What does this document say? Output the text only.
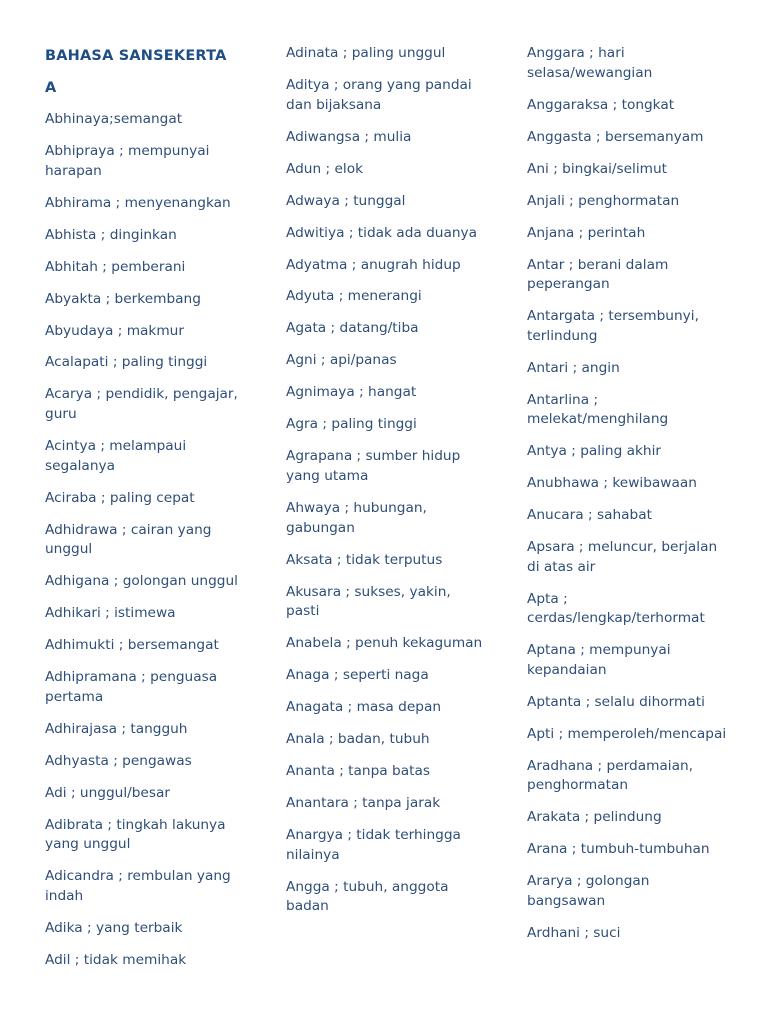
BAHASA SANSEKERTA
A
Abhinaya;semangat
Abhipraya ; mempunyai harapan
Abhirama ; menyenangkan
Abhista ; dinginkan
Abhitah ; pemberani
Abyakta ; berkembang
Abyudaya ; makmur
Acalapati ; paling tinggi
Acarya ; pendidik, pengajar, guru
Acintya ; melampaui segalanya
Aciraba ; paling cepat
Adhidrawa ; cairan yang unggul
Adhigana ; golongan unggul
Adhikari ; istimewa
Adhimukti ; bersemangat
Adhipramana ; penguasa pertama
Adhirajasa ; tangguh
Adhyasta ; pengawas
Adi ; unggul/besar
Adibrata ; tingkah lakunya yang unggul
Adicandra ; rembulan yang indah
Adika ; yang terbaik
Adil ; tidak memihak
Adinata ; paling unggul
Aditya ; orang yang pandai dan bijaksana
Adiwangsa ; mulia
Adun ; elok
Adwaya ; tunggal
Adwitiya ; tidak ada duanya
Adyatma ; anugrah hidup
Adyuta ; menerangi
Agata ; datang/tiba
Agni ; api/panas
Agnimaya ; hangat
Agra ; paling tinggi
Agrapana ; sumber hidup yang utama
Ahwaya ; hubungan, gabungan
Aksata ; tidak terputus
Akusara ; sukses, yakin, pasti
Anabela ; penuh kekaguman
Anaga ; seperti naga
Anagata ; masa depan
Anala ; badan, tubuh
Ananta ; tanpa batas
Anantara ; tanpa jarak
Anargya ; tidak terhingga nilainya
Angga ; tubuh, anggota badan
Anggara ; hari selasa/wewangian
Anggaraksa ; tongkat
Anggasta ; bersemanyam
Ani ; bingkai/selimut
Anjali ; penghormatan
Anjana ; perintah
Antar ; berani dalam peperangan
Antargata ; tersembunyi, terlindung
Antari ; angin
Antarlina ; melekat/menghilang
Antya ; paling akhir
Anubhawa ; kewibawaan
Anucara ; sahabat
Apsara ; meluncur, berjalan di atas air
Apta ; cerdas/lengkap/terhormat
Aptana ; mempunyai kepandaian
Aptanta ; selalu dihormati
Apti ; memperoleh/mencapai
Aradhana ; perdamaian, penghormatan
Arakata ; pelindung
Arana ; tumbuh-tumbuhan
Ararya ; golongan bangsawan
Ardhani ; suci
